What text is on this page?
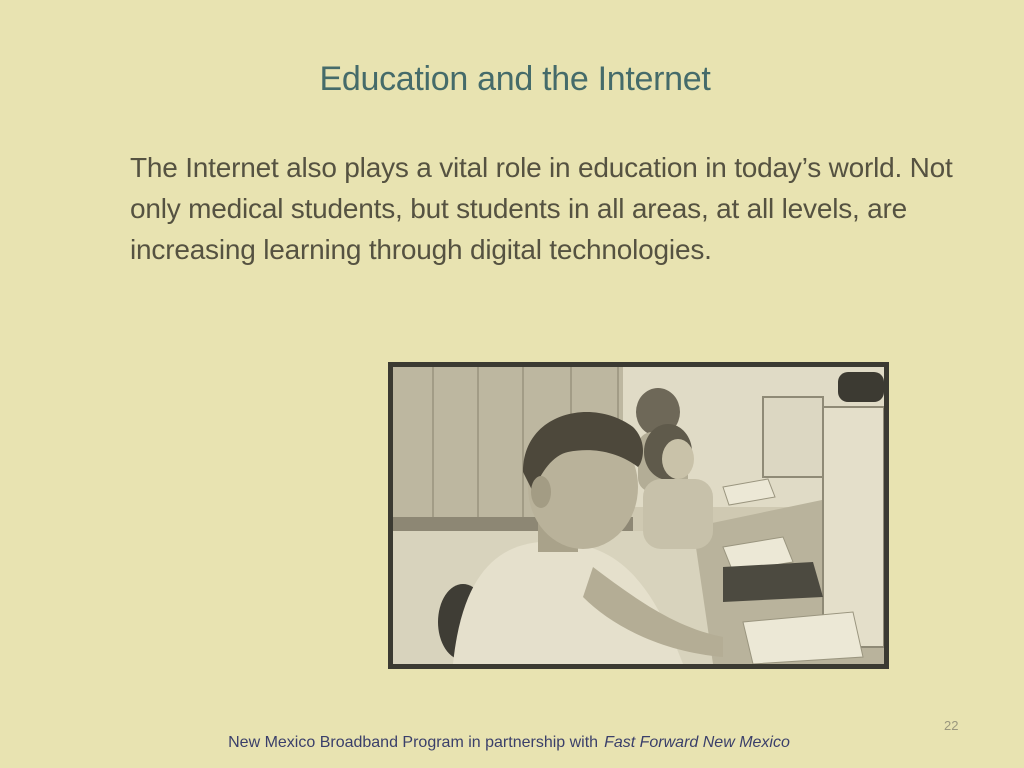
Education and the Internet
The Internet also plays a vital role in education in today’s world. Not only medical students, but students in all areas, at all levels, are increasing learning through digital technologies.
22
New Mexico Broadband Program in partnership with Fast Forward New Mexico
